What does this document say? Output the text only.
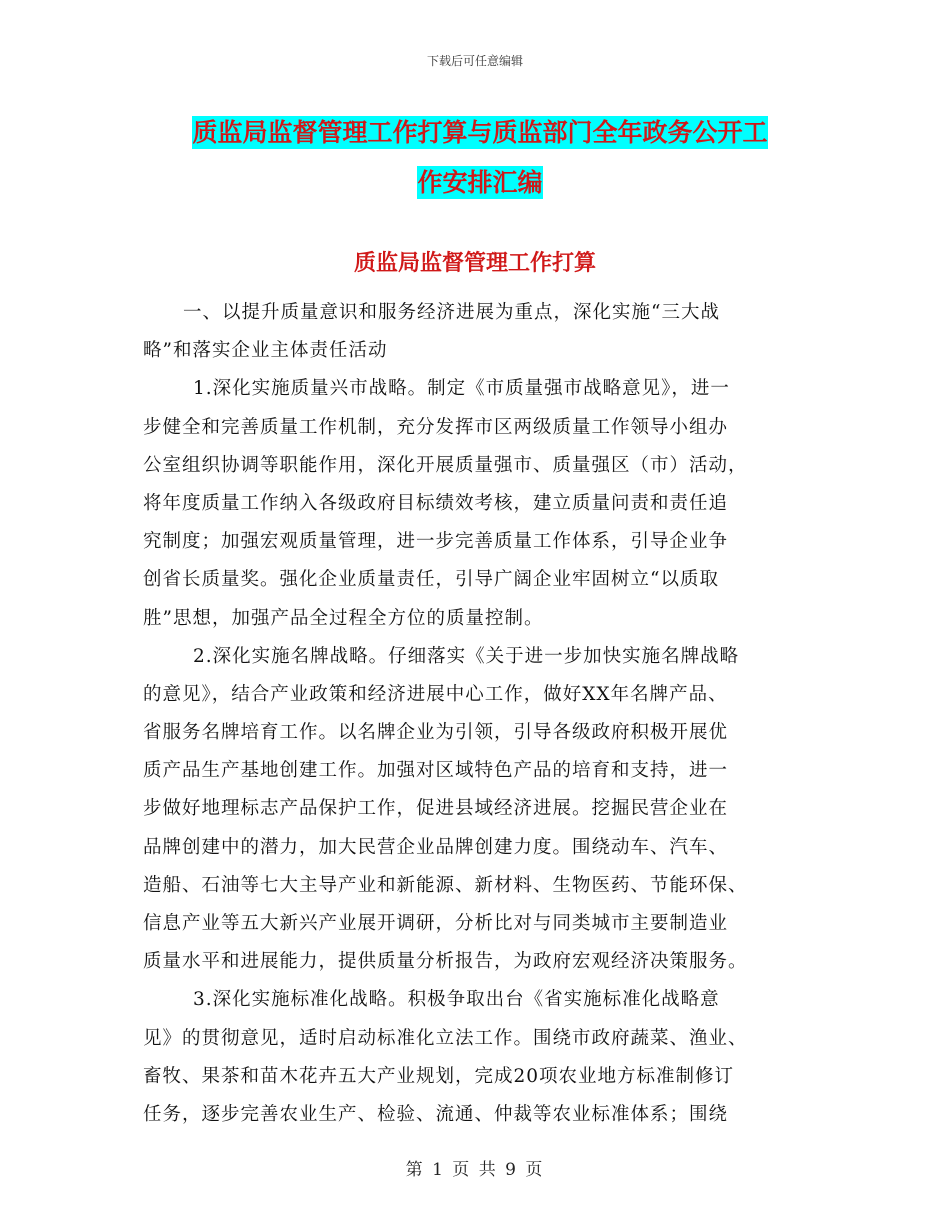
下载后可任意编辑
质监局监督管理工作打算与质监部门全年政务公开工
作安排汇编
质监局监督管理工作打算
一、以提升质量意识和服务经济进展为重点，深化实施“三大战
略”和落实企业主体责任活动
1.深化实施质量兴市战略。制定《市质量强市战略意见》，进一
步健全和完善质量工作机制，充分发挥市区两级质量工作领导小组办
公室组织协调等职能作用，深化开展质量强市、质量强区（市）活动，
将年度质量工作纳入各级政府目标绩效考核，建立质量问责和责任追
究制度；加强宏观质量管理，进一步完善质量工作体系，引导企业争
创省长质量奖。强化企业质量责任，引导广阔企业牢固树立“以质取
胜”思想，加强产品全过程全方位的质量控制。
2.深化实施名牌战略。仔细落实《关于进一步加快实施名牌战略
的意见》，结合产业政策和经济进展中心工作，做好XX年名牌产品、
省服务名牌培育工作。以名牌企业为引领，引导各级政府积极开展优
质产品生产基地创建工作。加强对区域特色产品的培育和支持，进一
步做好地理标志产品保护工作，促进县域经济进展。挖掘民营企业在
品牌创建中的潜力，加大民营企业品牌创建力度。围绕动车、汽车、
造船、石油等七大主导产业和新能源、新材料、生物医药、节能环保、
信息产业等五大新兴产业展开调研，分析比对与同类城市主要制造业
质量水平和进展能力，提供质量分析报告，为政府宏观经济决策服务。
3.深化实施标准化战略。积极争取出台《省实施标准化战略意
见》的贯彻意见，适时启动标准化立法工作。围绕市政府蔬菜、渔业、
畜牧、果茶和苗木花卉五大产业规划，完成20项农业地方标准制修订
任务，逐步完善农业生产、检验、流通、仲裁等农业标准体系；围绕
第 1 页 共 9 页
